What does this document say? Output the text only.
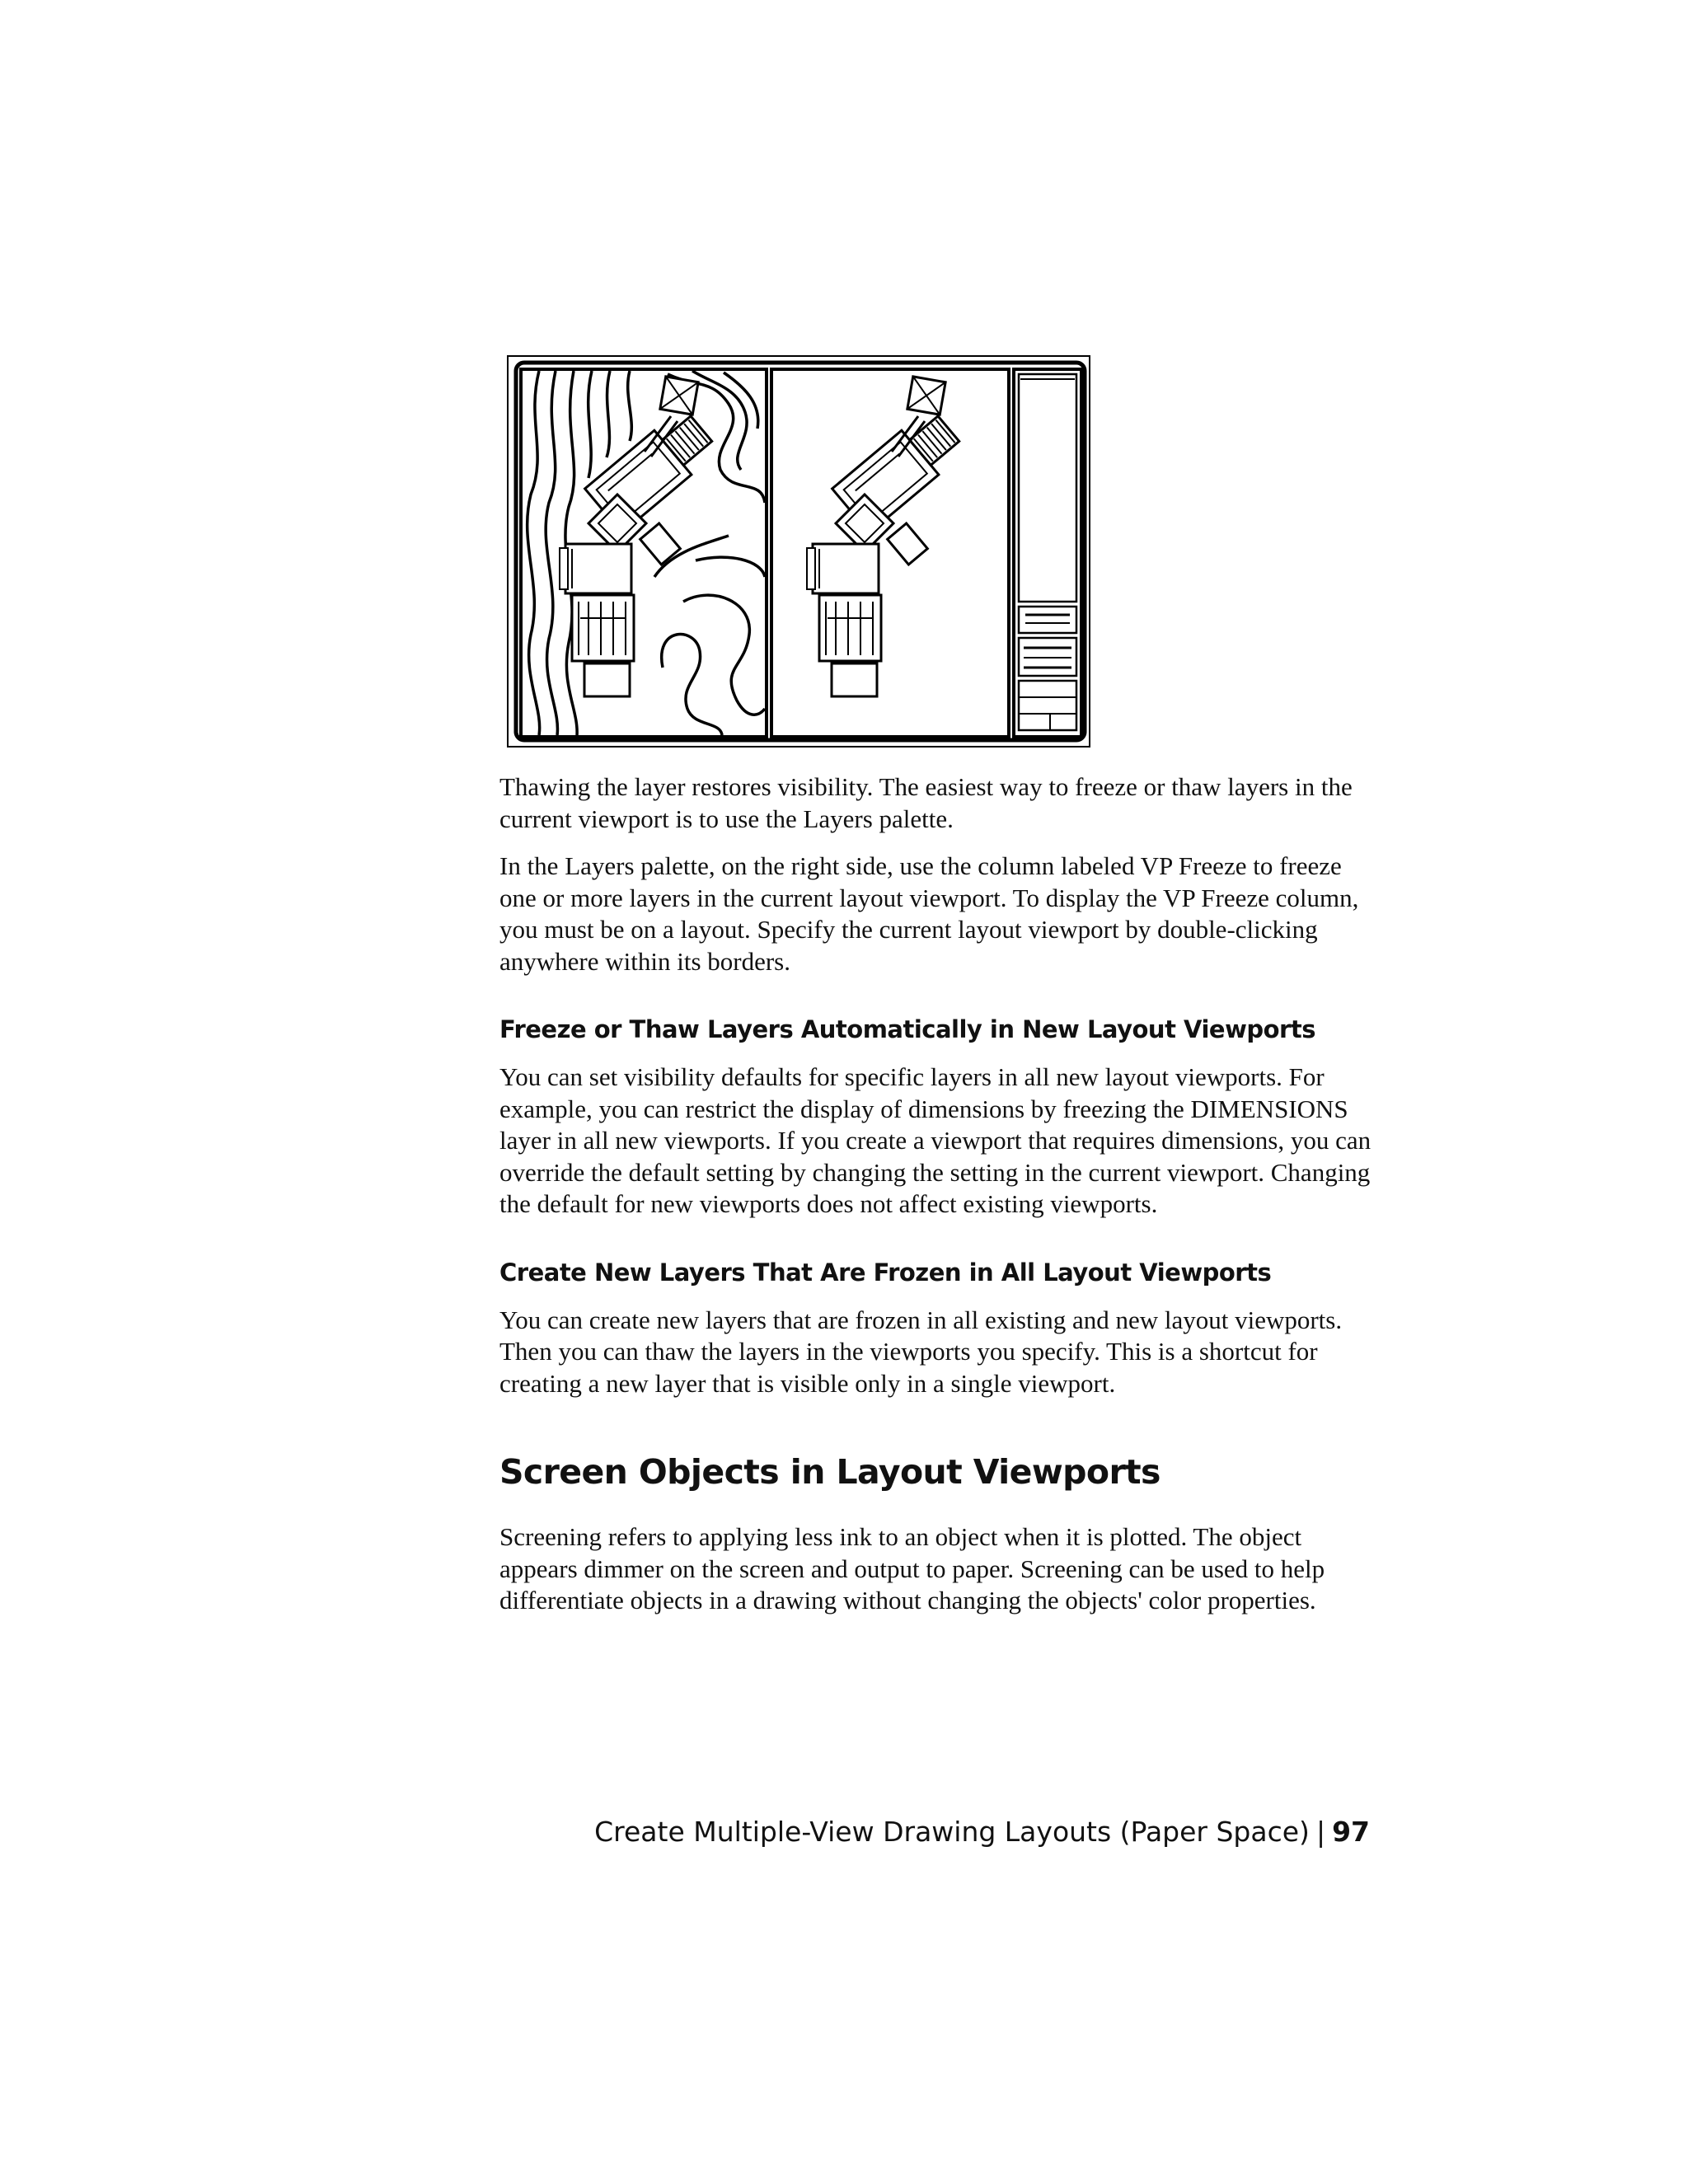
Thawing the layer restores visibility. The easiest way to freeze or thaw layers in the current viewport is to use the Layers palette.

In the Layers palette, on the right side, use the column labeled VP Freeze to freeze one or more layers in the current layout viewport. To display the VP Freeze column, you must be on a layout. Specify the current layout viewport by double-clicking anywhere within its borders.

Freeze or Thaw Layers Automatically in New Layout Viewports

You can set visibility defaults for specific layers in all new layout viewports. For example, you can restrict the display of dimensions by freezing the DIMENSIONS layer in all new viewports. If you create a viewport that requires dimensions, you can override the default setting by changing the setting in the current viewport. Changing the default for new viewports does not affect existing viewports.

Create New Layers That Are Frozen in All Layout Viewports

You can create new layers that are frozen in all existing and new layout viewports. Then you can thaw the layers in the viewports you specify. This is a shortcut for creating a new layer that is visible only in a single viewport.

Screen Objects in Layout Viewports

Screening refers to applying less ink to an object when it is plotted. The object appears dimmer on the screen and output to paper. Screening can be used to help differentiate objects in a drawing without changing the objects' color properties.

Create Multiple-View Drawing Layouts (Paper Space) | 97
